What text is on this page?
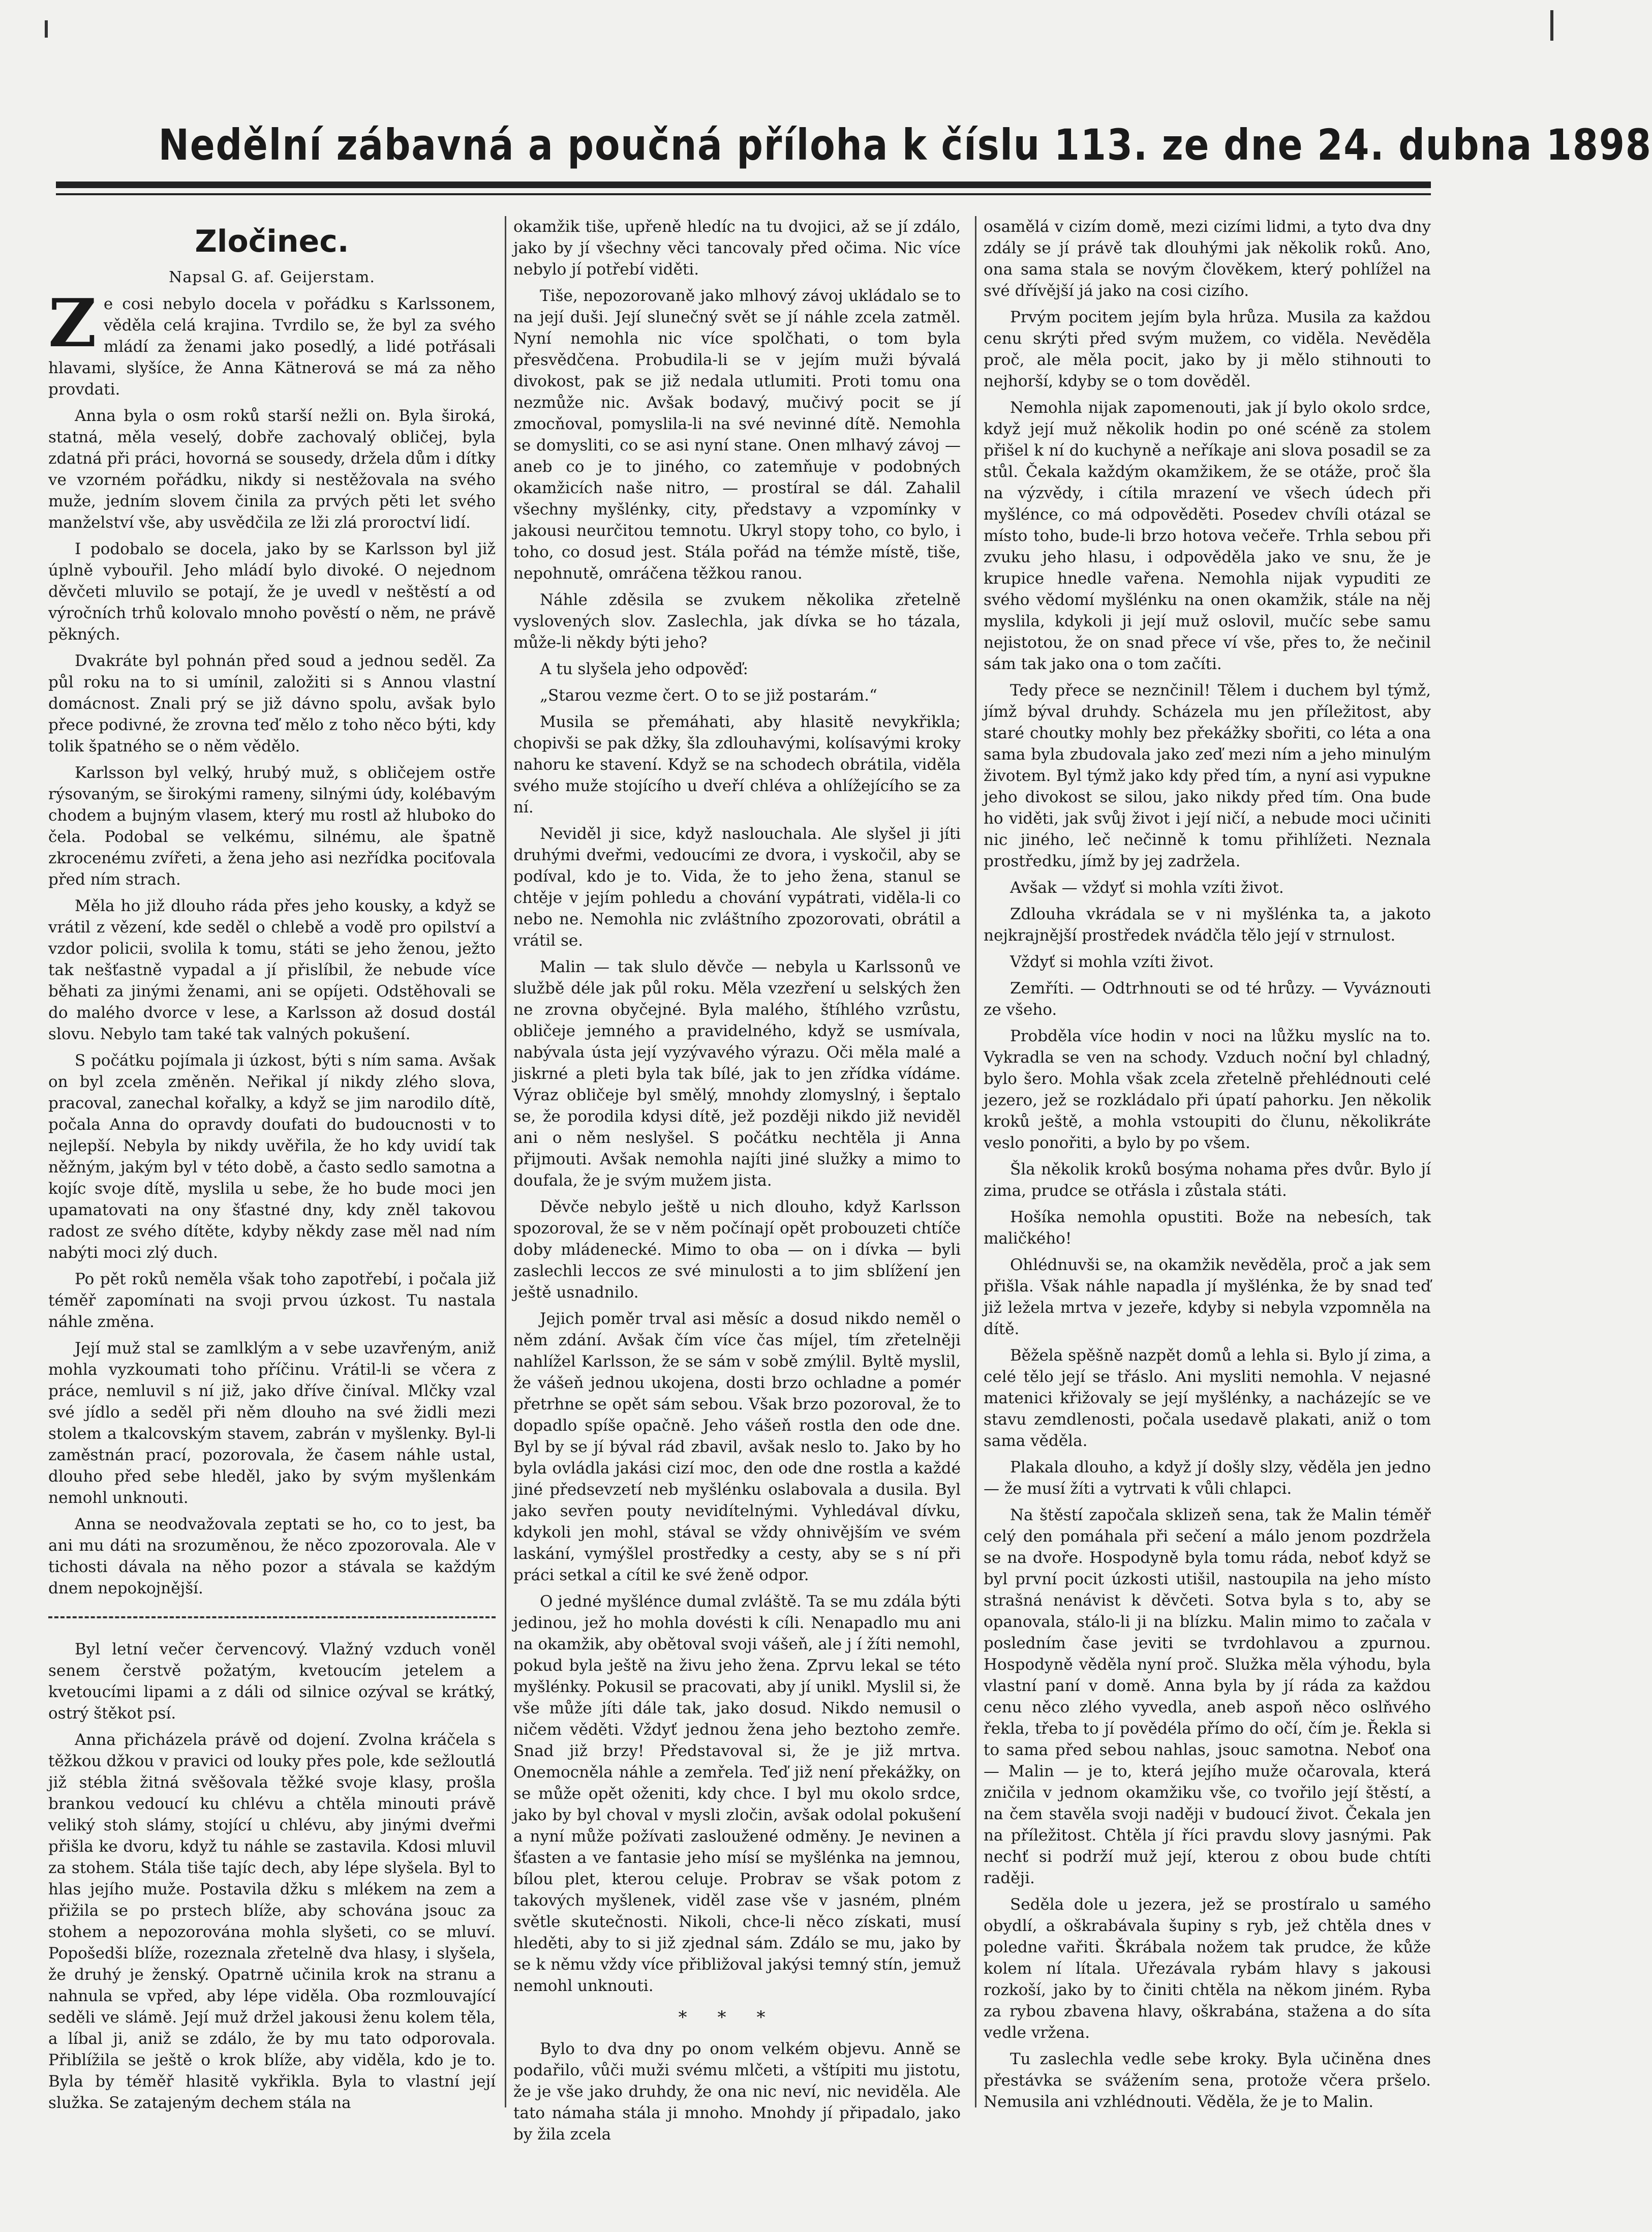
Nedělní zábavná a poučná příloha k číslu 113. ze dne 24. dubna 1898
Zločinec.
Napsal G. af. Geijerstam.
Z e cosi nebylo docela v pořádku s Karlssonem, věděla celá krajina. Tvrdilo se, že byl za svého mládí za ženami jako posedlý, a lidé potřásali hlavami, slyšíce, že Anna Kätnerová se má za něho provdati.

Anna byla o osm roků starší nežli on. Byla široká, statná, měla veselý, dobře zachovalý obličej, byla zdatná při práci, hovorná se sousedy, držela dům i dítky ve vzorném pořádku, nikdy si nestěžovala na svého muže, jedním slovem činila za prvých pěti let svého manželství vše, aby usvědčila ze lži zlá proroctví lidí.

I podobalo se docela, jako by se Karlsson byl již úplně vybouřil. Jeho mládí bylo divoké. O nejednom děvčeti mluvilo se potají, že je uvedl v neštěstí a od výročních trhů kolovalo mnoho pověstí o něm, ne právě pěkných.

Dvakráte byl pohnán před soud a jednou seděl. Za půl roku na to si umínil, založiti si s Annou vlastní domácnost. Znali prý se již dávno spolu, avšak bylo přece podivné, že zrovna teď mělo z toho něco býti, kdy tolik špatného se o něm vědělo.

Karlsson byl velký, hrubý muž, s obličejem ostře rýsovaným, se širokými rameny, silnými údy, kolébavým chodem a bujným vlasem, který mu rostl až hluboko do čela. Podobal se velkému, silnému, ale špatně zkrocenému zvířeti, a žena jeho asi nezřídka pociťovala před ním strach.

Měla ho již dlouho ráda přes jeho kousky, a když se vrátil z vězení, kde seděl o chlebě a vodě pro opilství a vzdor policii, svolila k tomu, státi se jeho ženou, ježto tak nešťastně vypadal a jí přislíbil, že nebude více běhati za jinými ženami, ani se opíjeti. Odstěhovali se do malého dvorce v lese, a Karlsson až dosud dostál slovu. Nebylo tam také tak valných pokušení.

S počátku pojímala ji úzkost, býti s ním sama. Avšak on byl zcela změněn. Neřikal jí nikdy zlého slova, pracoval, zanechal kořalky, a když se jim narodilo dítě, počala Anna do opravdy doufati do budoucnosti v to nejlepší. Nebyla by nikdy uvěřila, že ho kdy uvidí tak něžným, jakým byl v této době, a často sedlo samotna a kojíc svoje dítě, myslila u sebe, že ho bude moci jen upamatovati na ony šťastné dny, kdy zněl takovou radost ze svého dítěte, kdyby někdy zase měl nad ním nabýti moci zlý duch.

Po pět roků neměla však toho zapotřebí, i počala již téměř zapomínati na svoji prvou úzkost. Tu nastala náhle změna.

Její muž stal se zamlklým a v sebe uzavřeným, aniž mohla vyzkoumati toho příčinu. Vrátil-li se včera z práce, nemluvil s ní již, jako dříve činíval. Mlčky vzal své jídlo a seděl při něm dlouho na své židli mezi stolem a tkalcovským stavem, zabrán v myšlenky. Byl-li zaměstnán prací, pozorovala, že časem náhle ustal, dlouho před sebe hleděl, jako by svým myšlenkám nemohl unknouti.

Anna se neodvažovala zeptati se ho, co to jest, ba ani mu dáti na srozuměnou, že něco zpozorovala. Ale v tichosti dávala na něho pozor a stávala se každým dnem nepokojnější.

Byl letní večer červencový. Vlažný vzduch voněl senem čerstvě požatým, kvetoucím jetelem a kvetoucími lipami a z dáli od silnice ozýval se krátký, ostrý štěkot psí.

Anna přicházela právě od dojení. Zvolna kráčela s těžkou džkou v pravici od louky přes pole, kde sežloutlá již stébla žitná svěšovala těžké svoje klasy, prošla brankou vedoucí ku chlévu a chtěla minouti právě veliký stoh slámy, stojící u chlévu, aby jinými dveřmi přišla ke dvoru, když tu náhle se zastavila. Kdosi mluvil za stohem. Stála tiše tajíc dech, aby lépe slyšela. Byl to hlas jejího muže. Postavila džku s mlékem na zem a přižila se po prstech blíže, aby schována jsouc za stohem a nepozorována mohla slyšeti, co se mluví. Popošedši blíže, rozeznala zřetelně dva hlasy, i slyšela, že druhý je ženský. Opatrně učinila krok na stranu a nahnula se vpřed, aby lépe viděla. Oba rozmlouvající seděli ve slámě. Její muž držel jakousi ženu kolem těla, a líbal ji, aniž se zdálo, že by mu tato odporovala. Přiblížila se ještě o krok blíže, aby viděla, kdo je to. Byla by téměř hlasitě vykřikla. Byla to vlastní její služka. Se zatajeným dechem stála na

okamžik tiše, upřeně hledíc na tu dvojici, až se jí zdálo, jako by jí všechny věci tancovaly před očima. Nic více nebylo jí potřebí viděti.

Tiše, nepozorovaně jako mlhový závoj ukládalo se to na její duši. Její slunečný svět se jí náhle zcela zatměl. Nyní nemohla nic více spolčhati, o tom byla přesvědčena. Probudila-li se v jejím muži bývalá divokost, pak se již nedala utlumiti. Proti tomu ona nezmůže nic. Avšak bodavý, mučivý pocit se jí zmocňoval, pomyslila-li na své nevinné dítě. Nemohla se domysliti, co se asi nyní stane. Onen mlhavý závoj — aneb co je to jiného, co zatemňuje v podobných okamžicích naše nitro, — prostíral se dál. Zahalil všechny myšlénky, city, představy a vzpomínky v jakousi neurčitou temnotu. Ukryl stopy toho, co bylo, i toho, co dosud jest. Stála pořád na témže místě, tiše, nepohnutě, omráčena těžkou ranou.

Náhle zděsila se zvukem několika zřetelně vyslovených slov. Zaslechla, jak dívka se ho tázala, může-li někdy býti jeho?

A tu slyšela jeho odpověď:

„Starou vezme čert. O to se již postarám.“

Musila se přemáhati, aby hlasitě nevykřikla; chopivši se pak džky, šla zdlouhavými, kolísavými kroky nahoru ke stavení. Když se na schodech obrátila, viděla svého muže stojícího u dveří chléva a ohlížejícího se za ní.

Neviděl ji sice, když naslouchala. Ale slyšel ji jíti druhými dveřmi, vedoucími ze dvora, i vyskočil, aby se podíval, kdo je to. Vida, že to jeho žena, stanul se chtěje v jejím pohledu a chování vypátrati, viděla-li co nebo ne. Nemohla nic zvláštního zpozorovati, obrátil a vrátil se.

Malin — tak slulo děvče — nebyla u Karlssonů ve službě déle jak půl roku. Měla vzezření u selských žen ne zrovna obyčejné. Byla malého, štíhlého vzrůstu, obličeje jemného a pravidelného, když se usmívala, nabývala ústa její vyzývavého výrazu. Oči měla malé a jiskrné a pleti byla tak bílé, jak to jen zřídka vídáme. Výraz obličeje byl smělý, mnohdy zlomyslný, i šeptalo se, že porodila kdysi dítě, jež později nikdo již neviděl ani o něm neslyšel. S počátku nechtěla ji Anna přijmouti. Avšak nemohla najíti jiné služky a mimo to doufala, že je svým mužem jista.

Děvče nebylo ještě u nich dlouho, když Karlsson spozoroval, že se v něm počínají opět probouzeti chtíče doby mládenecké. Mimo to oba — on i dívka — byli zaslechli leccos ze své minulosti a to jim sblížení jen ještě usnadnilo.

Jejich poměr trval asi měsíc a dosud nikdo neměl o něm zdání. Avšak čím více čas míjel, tím zřetelněji nahlížel Karlsson, že se sám v sobě zmýlil. Byltě myslil, že vášeň jednou ukojena, dosti brzo ochladne a pomér přetrhne se opět sám sebou. Však brzo pozoroval, že to dopadlo spíše opačně. Jeho vášeň rostla den ode dne. Byl by se jí býval rád zbavil, avšak neslo to. Jako by ho byla ovládla jakási cizí moc, den ode dne rostla a každé jiné předsevzetí neb myšlénku oslabovala a dusila. Byl jako sevřen pouty nevidítelnými. Vyhledával dívku, kdykoli jen mohl, stával se vždy ohnivějším ve svém laskání, vymýšlel prostředky a cesty, aby se s ní při práci setkal a cítil ke své ženě odpor.

O jedné myšlénce dumal zvláště. Ta se mu zdála býti jedinou, jež ho mohla dovésti k cíli. Nenapadlo mu ani na okamžik, aby obětoval svoji vášeň, ale j í žíti nemohl, pokud byla ještě na živu jeho žena. Zprvu lekal se této myšlénky. Pokusil se pracovati, aby jí unikl. Myslil si, že vše může jíti dále tak, jako dosud. Nikdo nemusil o ničem věděti. Vždyť jednou žena jeho beztoho zemře. Snad již brzy! Představoval si, že je již mrtva. Onemocněla náhle a zemřela. Teď již není překážky, on se může opět oženiti, kdy chce. I byl mu okolo srdce, jako by byl choval v mysli zločin, avšak odolal pokušení a nyní může požívati zasloužené odměny. Je nevinen a šťasten a ve fantasie jeho mísí se myšlénka na jemnou, bílou plet, kterou celuje. Probrav se však potom z takových myšlenek, viděl zase vše v jasném, plném světle skutečnosti. Nikoli, chce-li něco získati, musí hleděti, aby to si již zjednal sám. Zdálo se mu, jako by se k němu vždy více přibližoval jakýsi temný stín, jemuž nemohl unknouti.

***

Bylo to dva dny po onom velkém objevu. Anně se podařilo, vůči muži svému mlčeti, a vštípiti mu jistotu, že je vše jako druhdy, že ona nic neví, nic neviděla. Ale tato námaha stála ji mnoho. Mnohdy jí připadalo, jako by žila zcela

osamělá v cizím domě, mezi cizími lidmi, a tyto dva dny zdály se jí právě tak dlouhými jak několik roků. Ano, ona sama stala se novým člověkem, který pohlížel na své dřívější já jako na cosi cizího.

Prvým pocitem jejím byla hrůza. Musila za každou cenu skrýti před svým mužem, co viděla. Nevěděla proč, ale měla pocit, jako by ji mělo stihnouti to nejhorší, kdyby se o tom dověděl.

Nemohla nijak zapomenouti, jak jí bylo okolo srdce, když její muž několik hodin po oné scéně za stolem přišel k ní do kuchyně a neříkaje ani slova posadil se za stůl. Čekala každým okamžikem, že se otáže, proč šla na výzvědy, i cítila mrazení ve všech údech při myšlénce, co má odpověděti. Posedev chvíli otázal se místo toho, bude-li brzo hotova večeře. Trhla sebou při zvuku jeho hlasu, i odpověděla jako ve snu, že je krupice hnedle vařena. Nemohla nijak vypuditi ze svého vědomí myšlénku na onen okamžik, stále na něj myslila, kdykoli ji její muž oslovil, mučíc sebe samu nejistotou, že on snad přece ví vše, přes to, že nečinil sám tak jako ona o tom začíti.

Tedy přece se neznčinil! Tělem i duchem byl týmž, jímž býval druhdy. Scházela mu jen příležitost, aby staré choutky mohly bez překážky sbořiti, co léta a ona sama byla zbudovala jako zeď mezi ním a jeho minulým životem. Byl týmž jako kdy před tím, a nyní asi vypukne jeho divokost se silou, jako nikdy před tím. Ona bude ho viděti, jak svůj život i její ničí, a nebude moci učiniti nic jiného, leč nečinně k tomu přihlížeti. Neznala prostředku, jímž by jej zadržela.

Avšak — vždyť si mohla vzíti život.

Zdlouha vkrádala se v ni myšlénka ta, a jakoto nejkrajnější prostředek nvádčla tělo její v strnulost.

Vždyť si mohla vzíti život.

Zemříti. — Odtrhnouti se od té hrůzy. — Vyváznouti ze všeho.

Probděla více hodin v noci na lůžku myslíc na to. Vykradla se ven na schody. Vzduch noční byl chladný, bylo šero. Mohla však zcela zřetelně přehlédnouti celé jezero, jež se rozkládalo při úpatí pahorku. Jen několik kroků ještě, a mohla vstoupiti do člunu, několikráte veslo ponořiti, a bylo by po všem.

Šla několik kroků bosýma nohama přes dvůr. Bylo jí zima, prudce se otřásla i zůstala státi.

Hošíka nemohla opustiti. Bože na nebesích, tak maličkého!

Ohlédnuvši se, na okamžik nevěděla, proč a jak sem přišla. Však náhle napadla jí myšlénka, že by snad teď již ležela mrtva v jezeře, kdyby si nebyla vzpomněla na dítě.

Běžela spěšně nazpět domů a lehla si. Bylo jí zima, a celé tělo její se třáslo. Ani mysliti nemohla. V nejasné matenici křižovaly se její myšlénky, a nacházejíc se ve stavu zemdlenosti, počala usedavě plakati, aniž o tom sama věděla.

Plakala dlouho, a když jí došly slzy, věděla jen jedno — že musí žíti a vytrvati k vůli chlapci.

Na štěstí započala sklizeň sena, tak že Malin téměř celý den pomáhala při sečení a málo jenom pozdržela se na dvoře. Hospodyně byla tomu ráda, neboť když se byl první pocit úzkosti utišil, nastoupila na jeho místo strašná nenávist k děvčeti. Sotva byla s to, aby se opanovala, stálo-li ji na blízku. Malin mimo to začala v posledním čase jeviti se tvrdohlavou a zpurnou. Hospodyně věděla nyní proč. Služka měla výhodu, byla vlastní paní v domě. Anna byla by jí ráda za každou cenu něco zlého vyvedla, aneb aspoň něco oslňvého řekla, třeba to jí povědéla přímo do očí, čím je. Řekla si to sama před sebou nahlas, jsouc samotna. Neboť ona — Malin — je to, která jejího muže očarovala, která zničila v jednom okamžiku vše, co tvořilo její štěstí, a na čem stavěla svoji naději v budoucí život. Čekala jen na příležitost. Chtěla jí říci pravdu slovy jasnými. Pak nechť si podrží muž její, kterou z obou bude chtíti raději.

Seděla dole u jezera, jež se prostíralo u samého obydlí, a oškrabávala šupiny s ryb, jež chtěla dnes v poledne vařiti. Škrábala nožem tak prudce, že kůže kolem ní lítala. Uřezávala rybám hlavy s jakousi rozkoší, jako by to činiti chtěla na někom jiném. Ryba za rybou zbavena hlavy, oškrabána, stažena a do síta vedle vržena.

Tu zaslechla vedle sebe kroky. Byla učiněna dnes přestávka se svážením sena, protože včera pršelo. Nemusila ani vzhlédnouti. Věděla, že je to Malin.
